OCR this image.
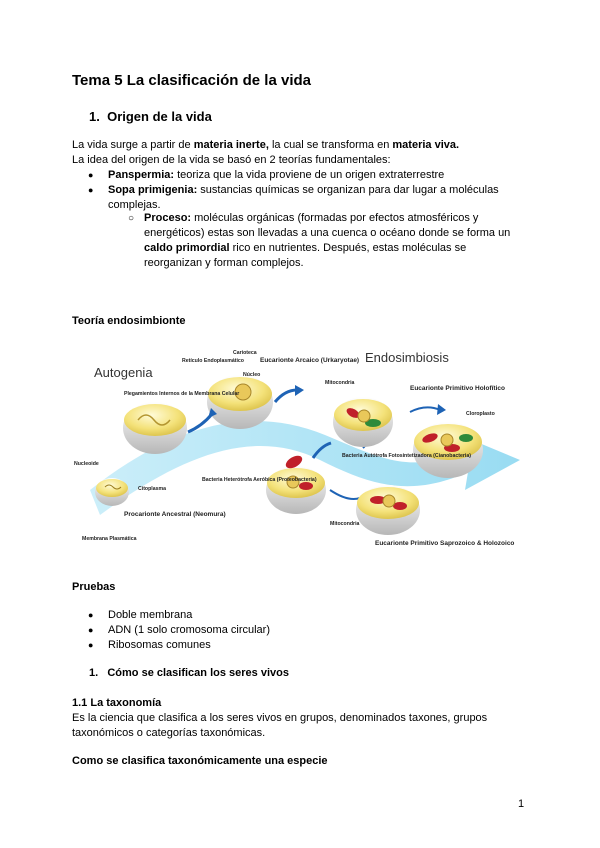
Tema 5 La clasificación de la vida
1. Origen de la vida

La vida surge a partir de materia inerte, la cual se transforma en materia viva.
La idea del origen de la vida se basó en 2 teorías fundamentales:

● Panspermia: teoriza que la vida proviene de un origen extraterrestre
● Sopa primigenia: sustancias químicas se organizan para dar lugar a moléculas complejas.
○ Proceso: moléculas orgánicas (formadas por efectos atmosféricos y energéticos) estas son llevadas a una cuenca o océano donde se forma un caldo primordial rico en nutrientes. Después, estas moléculas se reorganizan y forman complejos.
Teoría endosimbionte
Autogenia
Endosimbiosis
Retículo Endoplasmático
Carioteca
Núcleo
Eucarionte Arcaico (Urkaryotae)
Plegamientos Internos de la Membrana Celular
Nucleoide
Citoplasma
Procarionte Ancestral (Neomura)
Membrana Plasmática
Bacteria Heterótrofa Aeróbica (Proteobacteria)
Mitocondria
Bacteria Autótrofa Fotosintetizadora (Cianobacteria)
Eucarionte Primitivo Holofítico
Cloroplasto
Mitocondria
Eucarionte Primitivo Saprozoico & Holozoico
Pruebas
● Doble membrana
● ADN (1 solo cromosoma circular)
● Ribosomas comunes
1. Cómo se clasifican los seres vivos
1.1 La taxonomía

Es la ciencia que clasifica a los seres vivos en grupos, denominados taxones, grupos taxonómicos o categorías taxonómicas.

Como se clasifica taxonómicamente una especie
1
